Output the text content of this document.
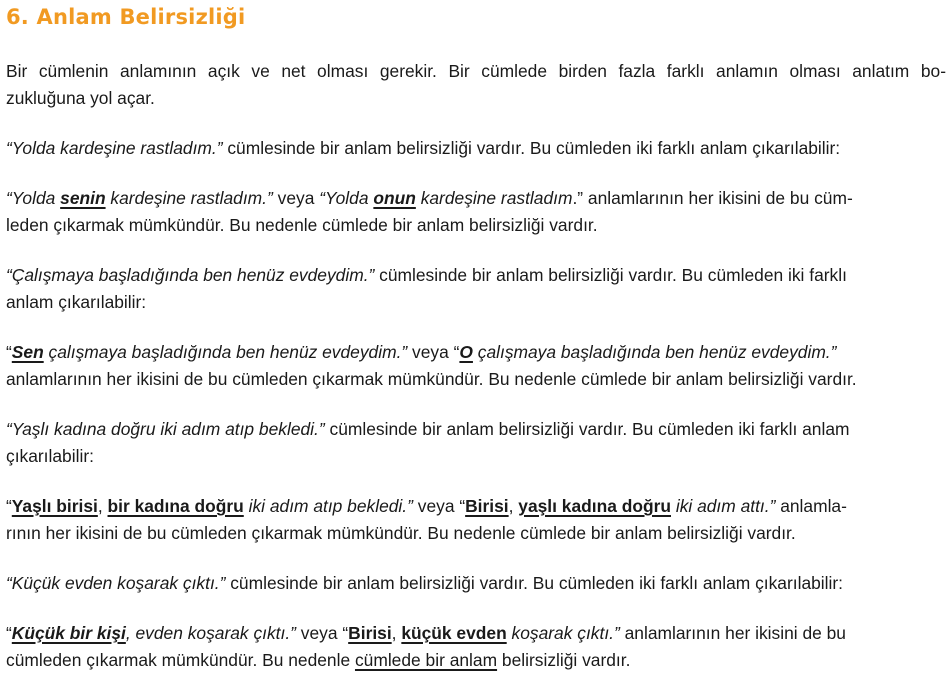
6. Anlam Belirsizliği

Bir cümlenin anlamının açık ve net olması gerekir. Bir cümlede birden fazla farklı anlamın olması anlatım bo-
zukluğuna yol açar.

“Yolda kardeşine rastladım.” cümlesinde bir anlam belirsizliği vardır. Bu cümleden iki farklı anlam çıkarılabilir:

“Yolda senin kardeşine rastladım.” veya “Yolda onun kardeşine rastladım.” anlamlarının her ikisini de bu cüm-
leden çıkarmak mümkündür. Bu nedenle cümlede bir anlam belirsizliği vardır.

“Çalışmaya başladığında ben henüz evdeydim.” cümlesinde bir anlam belirsizliği vardır. Bu cümleden iki farklı
anlam çıkarılabilir:

“Sen çalışmaya başladığında ben henüz evdeydim.” veya “O çalışmaya başladığında ben henüz evdeydim.”
anlamlarının her ikisini de bu cümleden çıkarmak mümkündür. Bu nedenle cümlede bir anlam belirsizliği vardır.

“Yaşlı kadına doğru iki adım atıp bekledi.” cümlesinde bir anlam belirsizliği vardır. Bu cümleden iki farklı anlam
çıkarılabilir:

“Yaşlı birisi, bir kadına doğru iki adım atıp bekledi.” veya “Birisi, yaşlı kadına doğru iki adım attı.” anlamla-
rının her ikisini de bu cümleden çıkarmak mümkündür. Bu nedenle cümlede bir anlam belirsizliği vardır.

“Küçük evden koşarak çıktı.” cümlesinde bir anlam belirsizliği vardır. Bu cümleden iki farklı anlam çıkarılabilir:

“Küçük bir kişi, evden koşarak çıktı.” veya “Birisi, küçük evden koşarak çıktı.” anlamlarının her ikisini de bu
cümleden çıkarmak mümkündür. Bu nedenle cümlede bir anlam belirsizliği vardır.
